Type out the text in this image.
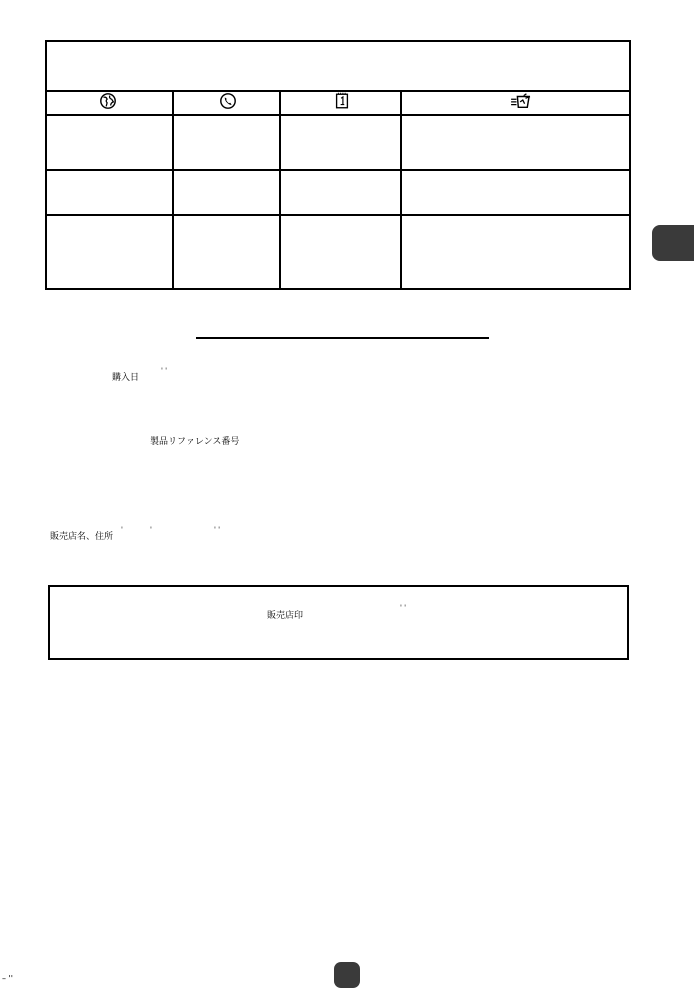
購入日
' '
製品リファレンス番号
販売店名、住所
'	'	' '
販売店印
' '
– ''
